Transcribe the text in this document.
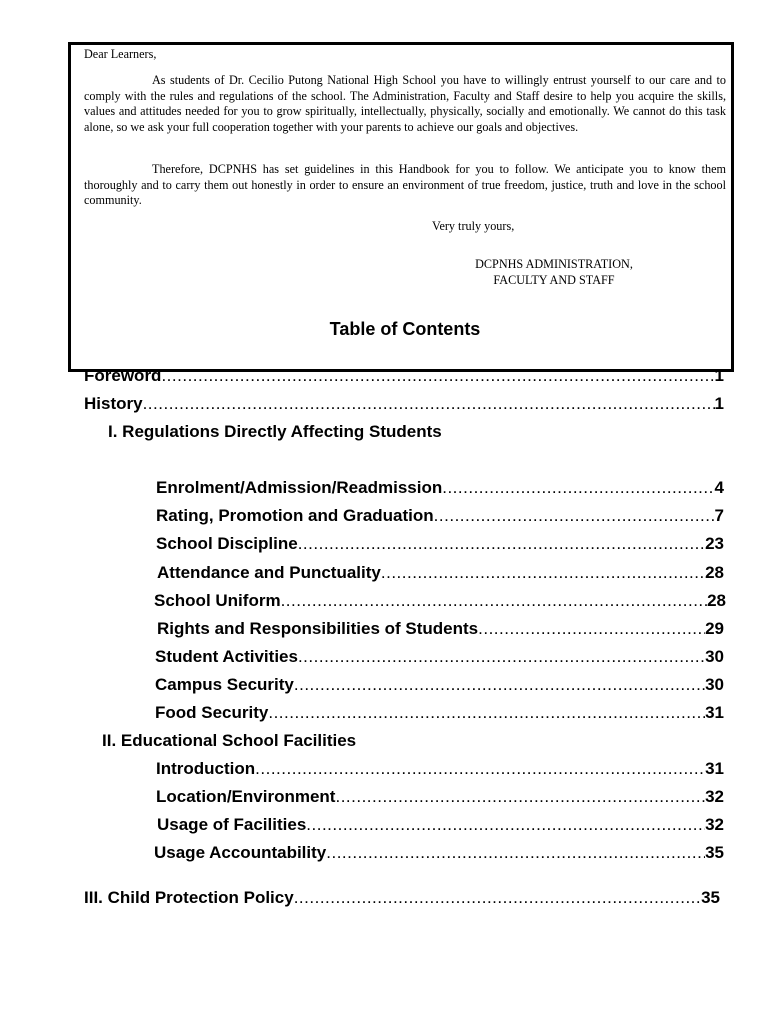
Dear Learners,

As students of Dr. Cecilio Putong National High School you have to willingly entrust yourself to our care and to comply with the rules and regulations of the school. The Administration, Faculty and Staff desire to help you acquire the skills, values and attitudes needed for you to grow spiritually, intellectually, physically, socially and emotionally. We cannot do this task alone, so we ask your full cooperation together with your parents to achieve our goals and objectives.

Therefore, DCPNHS has set guidelines in this Handbook for you to follow. We anticipate you to know them thoroughly and to carry them out honestly in order to ensure an environment of true freedom, justice, truth and love in the school community.

Very truly yours,
DCPNHS ADMINISTRATION,
FACULTY AND STAFF
Table of Contents
Foreword .....	1
History .....	1
I. Regulations Directly Affecting Students
Enrolment/Admission/Readmission .....	4
Rating, Promotion and Graduation .....	7
School Discipline .....	23
Attendance and Punctuality .....	28
School Uniform .....	28
Rights and Responsibilities of Students .....	29
Student Activities .....	30
Campus Security .....	30
Food Security .....	31
II. Educational School Facilities
Introduction .....	31
Location/Environment .....	32
Usage of Facilities .....	32
Usage Accountability .....	35
III. Child Protection Policy .....	35
